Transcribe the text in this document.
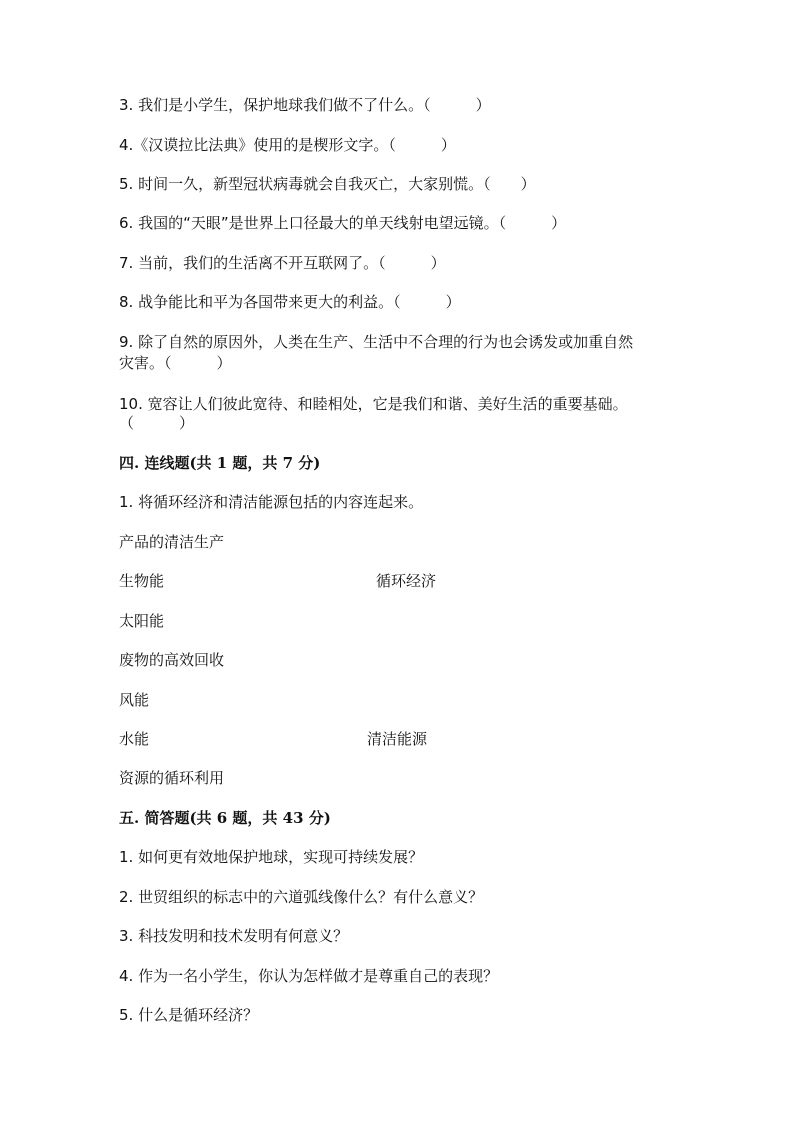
3. 我们是小学生，保护地球我们做不了什么。（　　　）
4.《汉谟拉比法典》使用的是楔形文字。（　　　）
5. 时间一久，新型冠状病毒就会自我灭亡，大家别慌。（　　）
6. 我国的“天眼”是世界上口径最大的单天线射电望远镜。（　　　）
7. 当前，我们的生活离不开互联网了。（　　　）
8. 战争能比和平为各国带来更大的利益。（　　　）
9. 除了自然的原因外，人类在生产、生活中不合理的行为也会诱发或加重自然
灾害。（　　　）
10. 宽容让人们彼此宽待、和睦相处，它是我们和谐、美好生活的重要基础。
（　　　）
四. 连线题(共 1 题，共 7 分)
1. 将循环经济和清洁能源包括的内容连起来。
产品的清洁生产
生物能	循环经济
太阳能
废物的高效回收
风能
水能	清洁能源
资源的循环利用
五. 简答题(共 6 题，共 43 分)
1. 如何更有效地保护地球，实现可持续发展？
2. 世贸组织的标志中的六道弧线像什么？有什么意义？
3. 科技发明和技术发明有何意义？
4. 作为一名小学生，你认为怎样做才是尊重自己的表现？
5. 什么是循环经济？
